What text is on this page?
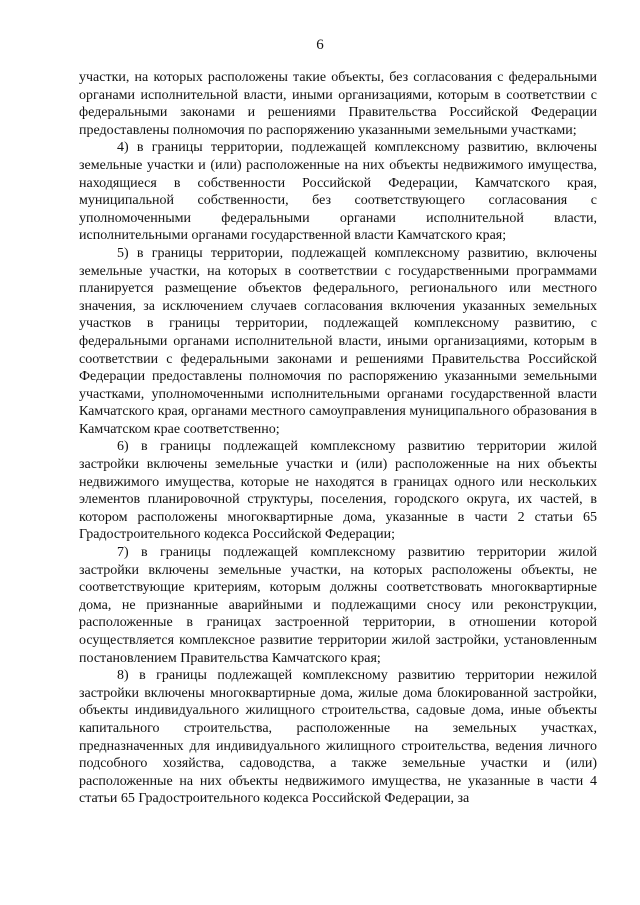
6

участки, на которых расположены такие объекты, без согласования с федеральными органами исполнительной власти, иными организациями, которым в соответствии с федеральными законами и решениями Правительства Российской Федерации предоставлены полномочия по распоряжению указанными земельными участками;

4) в границы территории, подлежащей комплексному развитию, включены земельные участки и (или) расположенные на них объекты недвижимого имущества, находящиеся в собственности Российской Федерации, Камчатского края, муниципальной собственности, без соответствующего согласования с уполномоченными федеральными органами исполнительной власти, исполнительными органами государственной власти Камчатского края;

5) в границы территории, подлежащей комплексному развитию, включены земельные участки, на которых в соответствии с государственными программами планируется размещение объектов федерального, регионального или местного значения, за исключением случаев согласования включения указанных земельных участков в границы территории, подлежащей комплексному развитию, с федеральными органами исполнительной власти, иными организациями, которым в соответствии с федеральными законами и решениями Правительства Российской Федерации предоставлены полномочия по распоряжению указанными земельными участками, уполномоченными исполнительными органами государственной власти Камчатского края, органами местного самоуправления муниципального образования в Камчатском крае соответственно;

6) в границы подлежащей комплексному развитию территории жилой застройки включены земельные участки и (или) расположенные на них объекты недвижимого имущества, которые не находятся в границах одного или нескольких элементов планировочной структуры, поселения, городского округа, их частей, в котором расположены многоквартирные дома, указанные в части 2 статьи 65 Градостроительного кодекса Российской Федерации;

7) в границы подлежащей комплексному развитию территории жилой застройки включены земельные участки, на которых расположены объекты, не соответствующие критериям, которым должны соответствовать многоквартирные дома, не признанные аварийными и подлежащими сносу или реконструкции, расположенные в границах застроенной территории, в отношении которой осуществляется комплексное развитие территории жилой застройки, установленным постановлением Правительства Камчатского края;

8) в границы подлежащей комплексному развитию территории нежилой застройки включены многоквартирные дома, жилые дома блокированной застройки, объекты индивидуального жилищного строительства, садовые дома, иные объекты капитального строительства, расположенные на земельных участках, предназначенных для индивидуального жилищного строительства, ведения личного подсобного хозяйства, садоводства, а также земельные участки и (или) расположенные на них объекты недвижимого имущества, не указанные в части 4 статьи 65 Градостроительного кодекса Российской Федерации, за
